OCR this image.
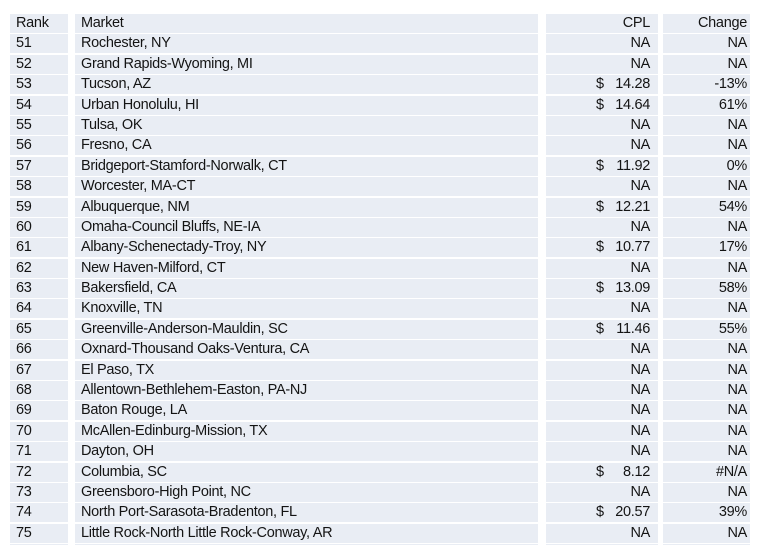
Rank	Market	CPL	Change
51	Rochester, NY	NA	NA
52	Grand Rapids-Wyoming, MI	NA	NA
53	Tucson, AZ	$ 14.28	-13%
54	Urban Honolulu, HI	$ 14.64	61%
55	Tulsa, OK	NA	NA
56	Fresno, CA	NA	NA
57	Bridgeport-Stamford-Norwalk, CT	$ 11.92	0%
58	Worcester, MA-CT	NA	NA
59	Albuquerque, NM	$ 12.21	54%
60	Omaha-Council Bluffs, NE-IA	NA	NA
61	Albany-Schenectady-Troy, NY	$ 10.77	17%
62	New Haven-Milford, CT	NA	NA
63	Bakersfield, CA	$ 13.09	58%
64	Knoxville, TN	NA	NA
65	Greenville-Anderson-Mauldin, SC	$ 11.46	55%
66	Oxnard-Thousand Oaks-Ventura, CA	NA	NA
67	El Paso, TX	NA	NA
68	Allentown-Bethlehem-Easton, PA-NJ	NA	NA
69	Baton Rouge, LA	NA	NA
70	McAllen-Edinburg-Mission, TX	NA	NA
71	Dayton, OH	NA	NA
72	Columbia, SC	$ 8.12	#N/A
73	Greensboro-High Point, NC	NA	NA
74	North Port-Sarasota-Bradenton, FL	$ 20.57	39%
75	Little Rock-North Little Rock-Conway, AR	NA	NA
